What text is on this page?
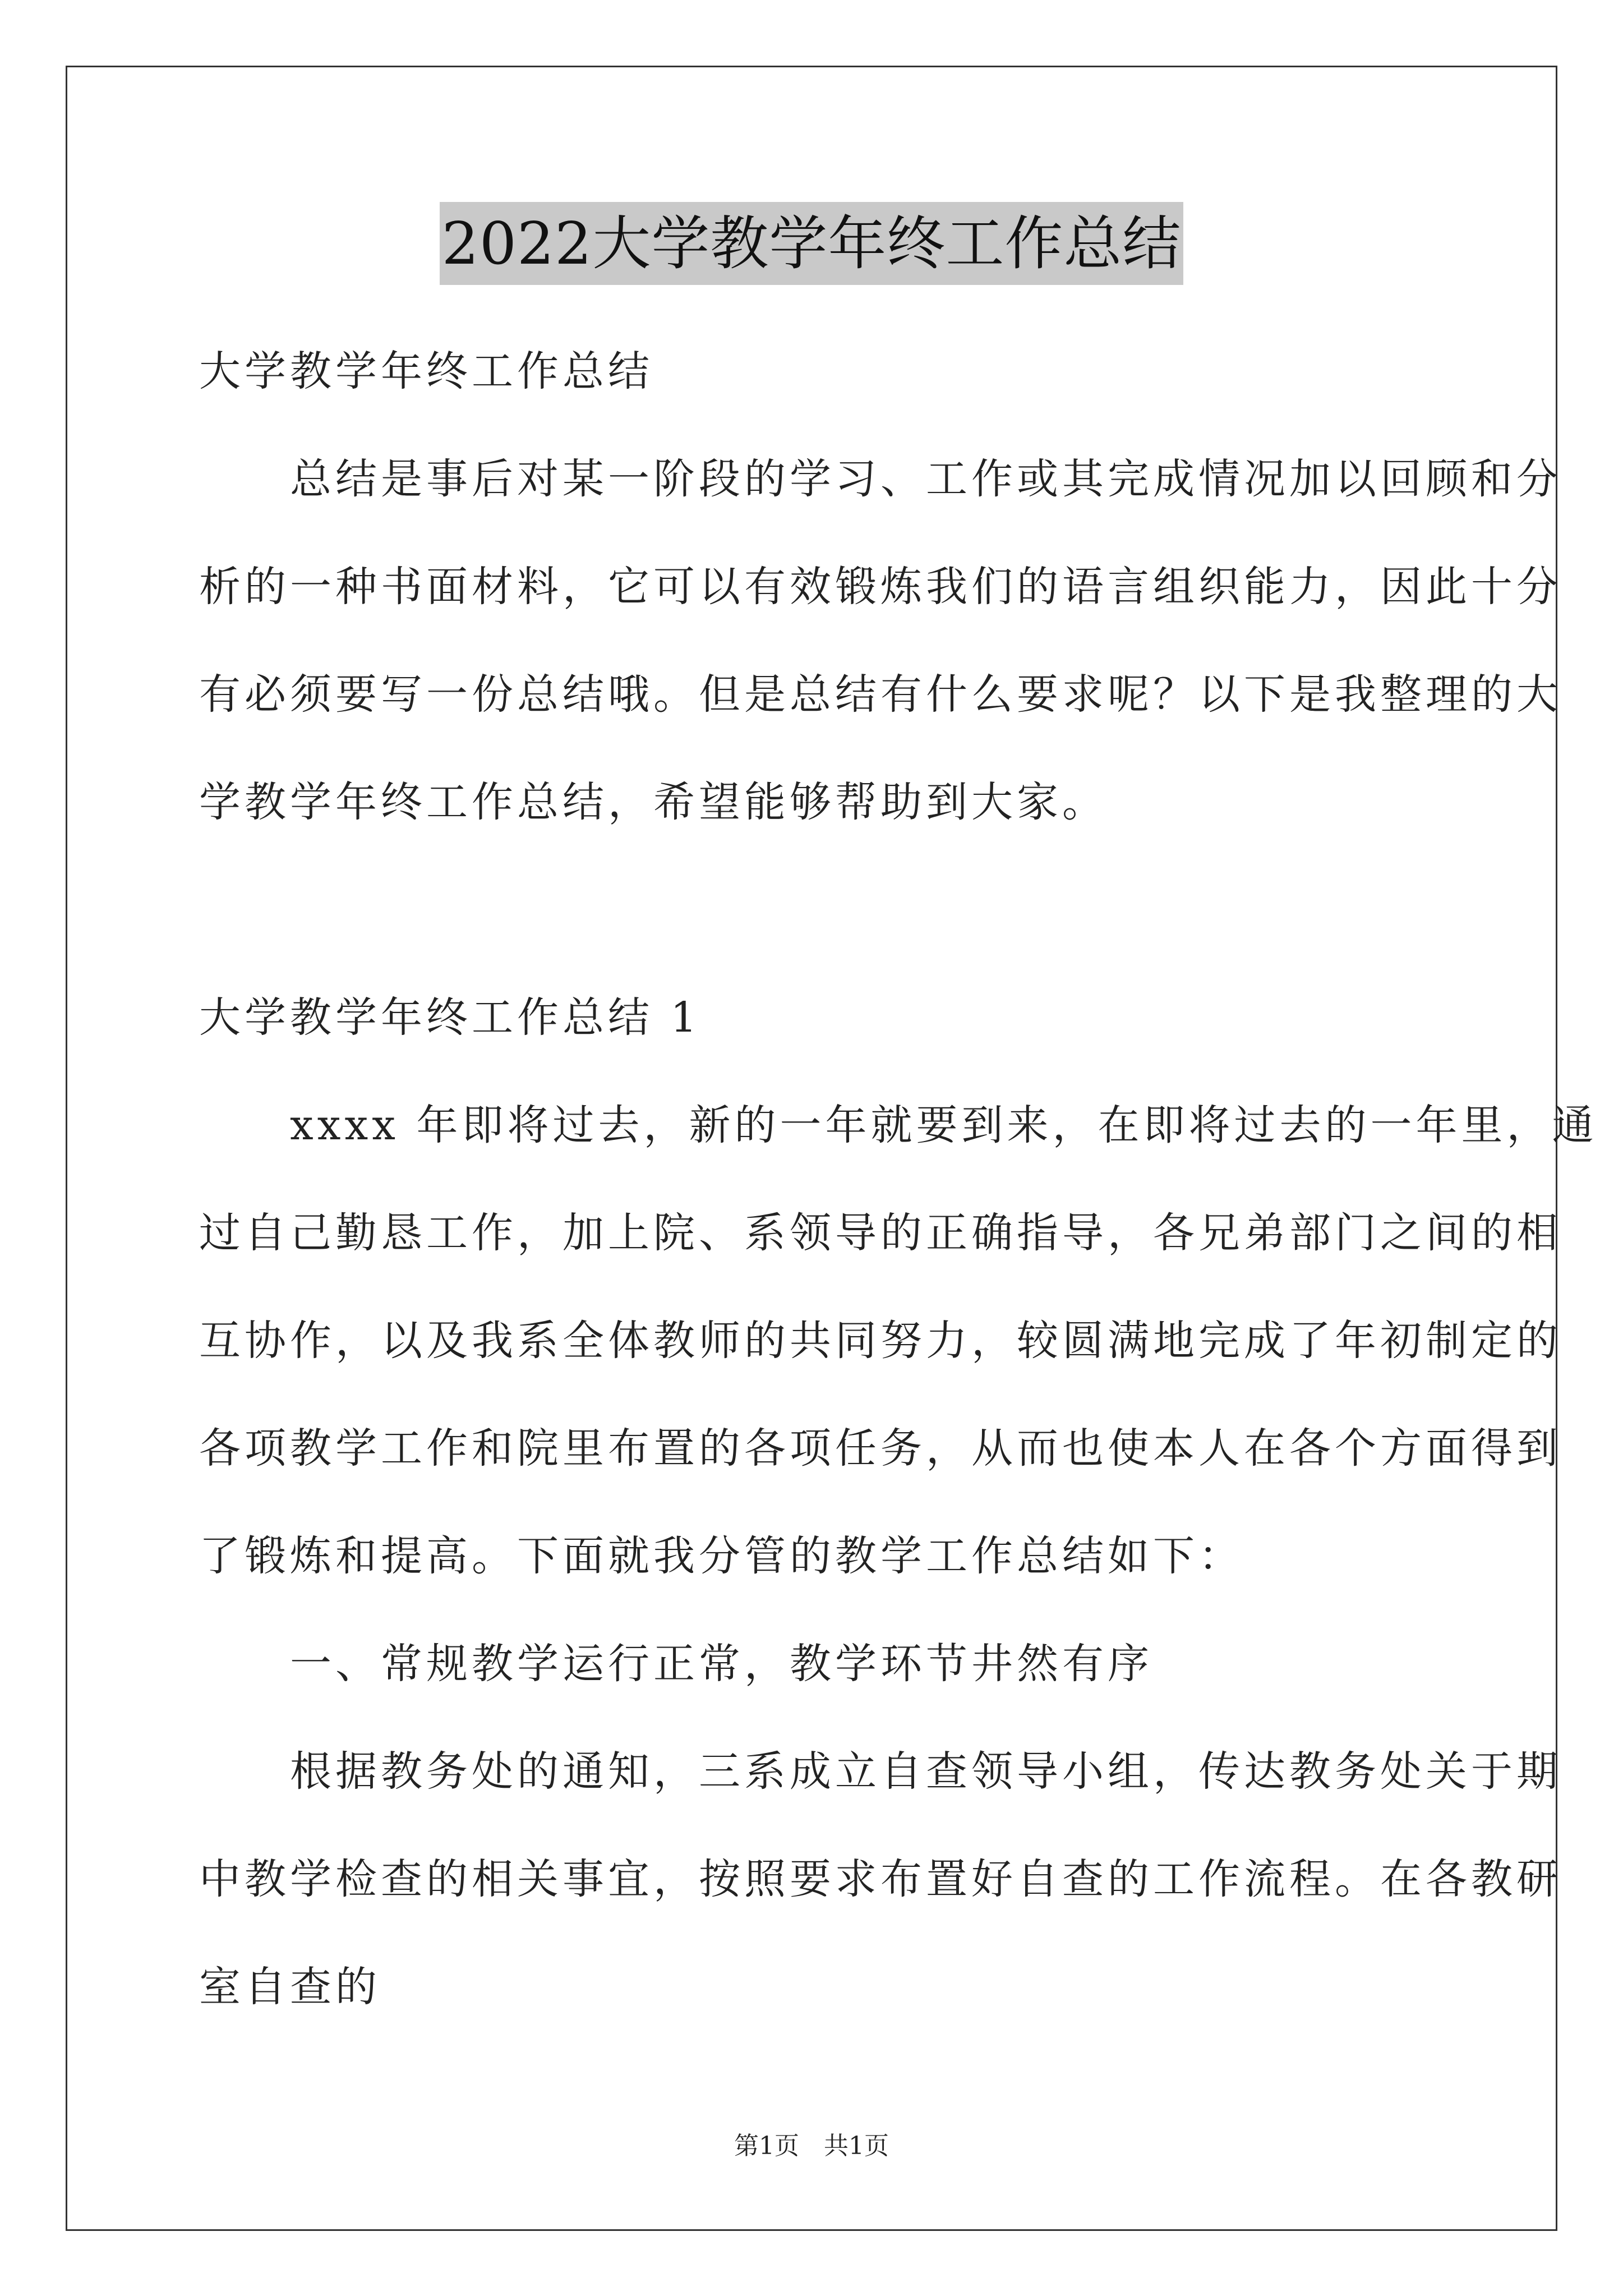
2022大学教学年终工作总结

大学教学年终工作总结

　　总结是事后对某一阶段的学习、工作或其完成情况加以回顾和分

析的一种书面材料，它可以有效锻炼我们的语言组织能力，因此十分

有必须要写一份总结哦。但是总结有什么要求呢？以下是我整理的大

学教学年终工作总结，希望能够帮助到大家。

大学教学年终工作总结 1

　　xxxx 年即将过去，新的一年就要到来，在即将过去的一年里，通

过自己勤恳工作，加上院、系领导的正确指导，各兄弟部门之间的相

互协作，以及我系全体教师的共同努力，较圆满地完成了年初制定的

各项教学工作和院里布置的各项任务，从而也使本人在各个方面得到

了锻炼和提高。下面就我分管的教学工作总结如下：

　　一、常规教学运行正常，教学环节井然有序

　　根据教务处的通知，三系成立自查领导小组，传达教务处关于期

中教学检查的相关事宜，按照要求布置好自查的工作流程。在各教研

室自查的

第1页　共1页
